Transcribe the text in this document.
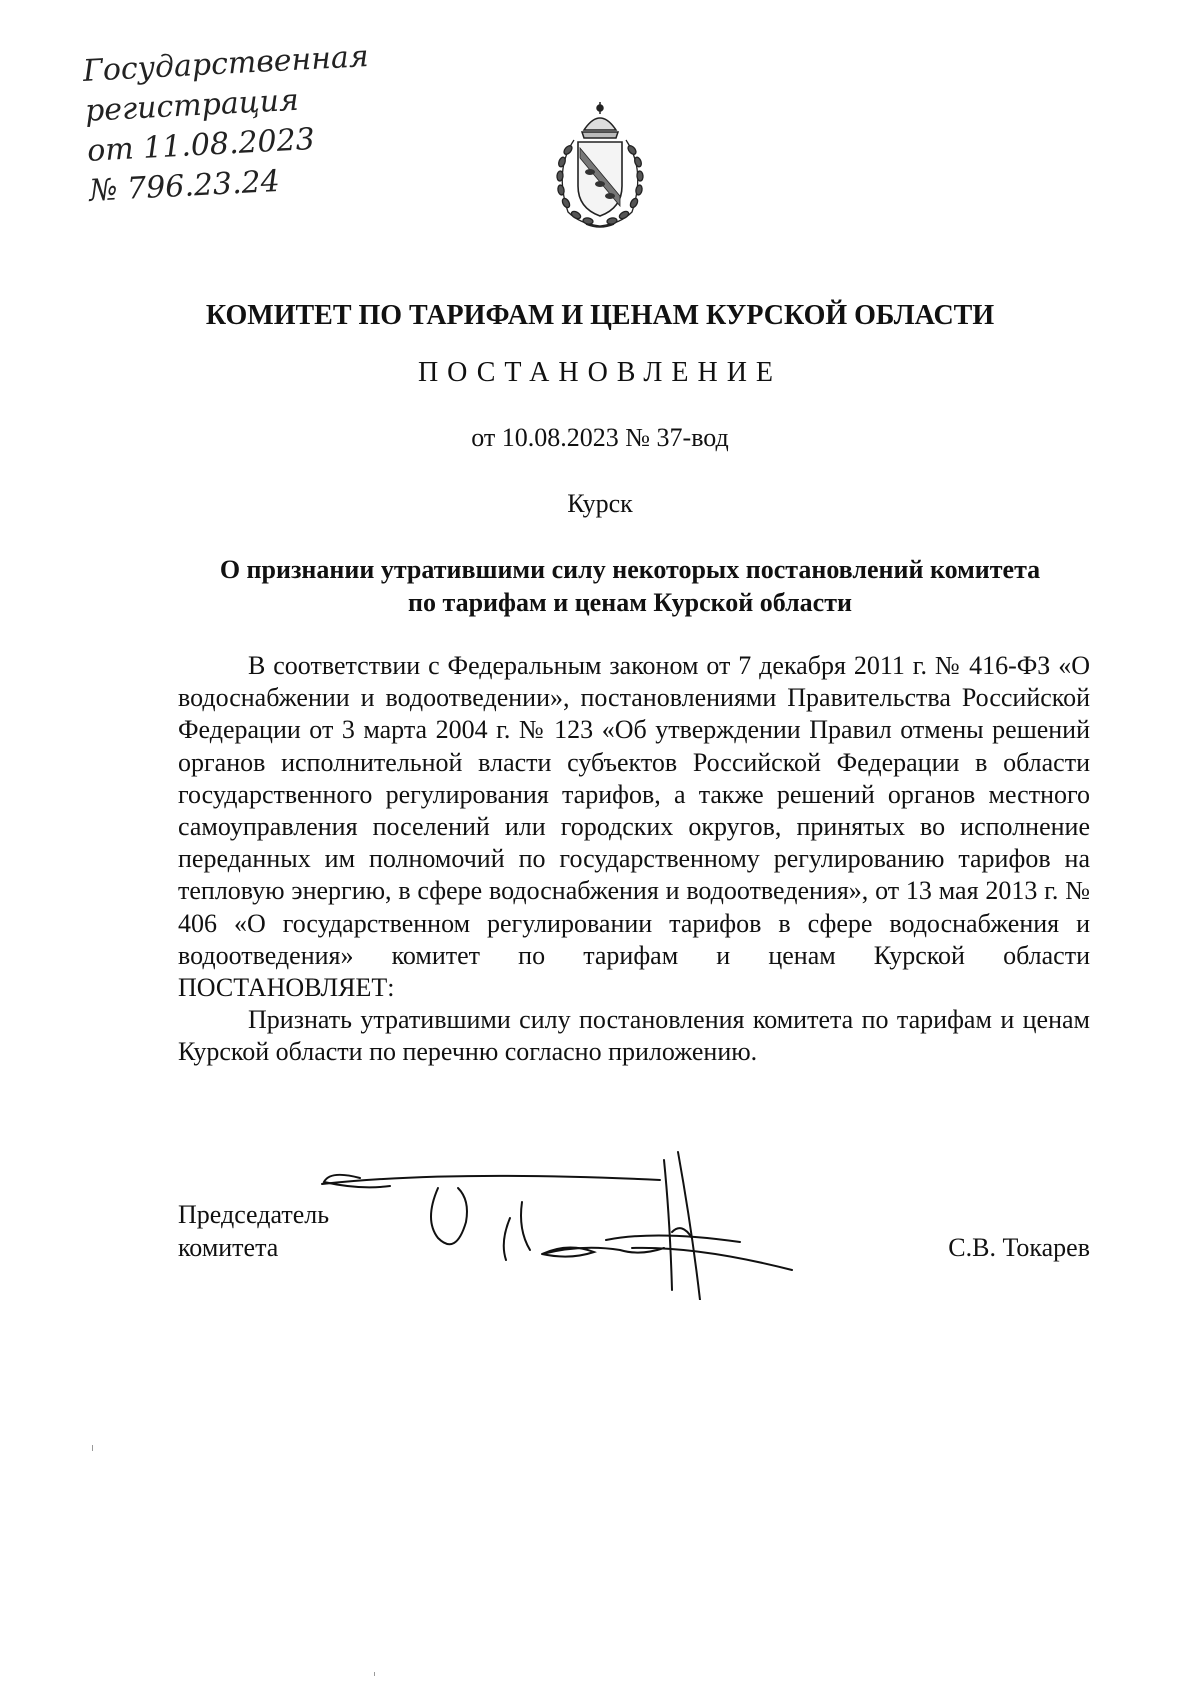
Государственная
регистрация
от 11.08.2023
№ 796.23.24
КОМИТЕТ ПО ТАРИФАМ И ЦЕНАМ КУРСКОЙ ОБЛАСТИ
ПОСТАНОВЛЕНИЕ
от 10.08.2023 № 37-вод
Курск
О признании утратившими силу некоторых постановлений комитета
по тарифам и ценам Курской области

В соответствии с Федеральным законом от 7 декабря 2011 г. № 416-ФЗ «О водоснабжении и водоотведении», постановлениями Правительства Российской Федерации от 3 марта 2004 г. № 123 «Об утверждении Правил отмены решений органов исполнительной власти субъектов Российской Федерации в области государственного регулирования тарифов, а также решений органов местного самоуправления поселений или городских округов, принятых во исполнение переданных им полномочий по государственному регулированию тарифов на тепловую энергию, в сфере водоснабжения и водоотведения», от 13 мая 2013 г. № 406 «О государственном регулировании тарифов в сфере водоснабжения и водоотведения» комитет по тарифам и ценам Курской области ПОСТАНОВЛЯЕТ:

Признать утратившими силу постановления комитета по тарифам и ценам Курской области по перечню согласно приложению.

Председатель
комитета	С.В. Токарев
